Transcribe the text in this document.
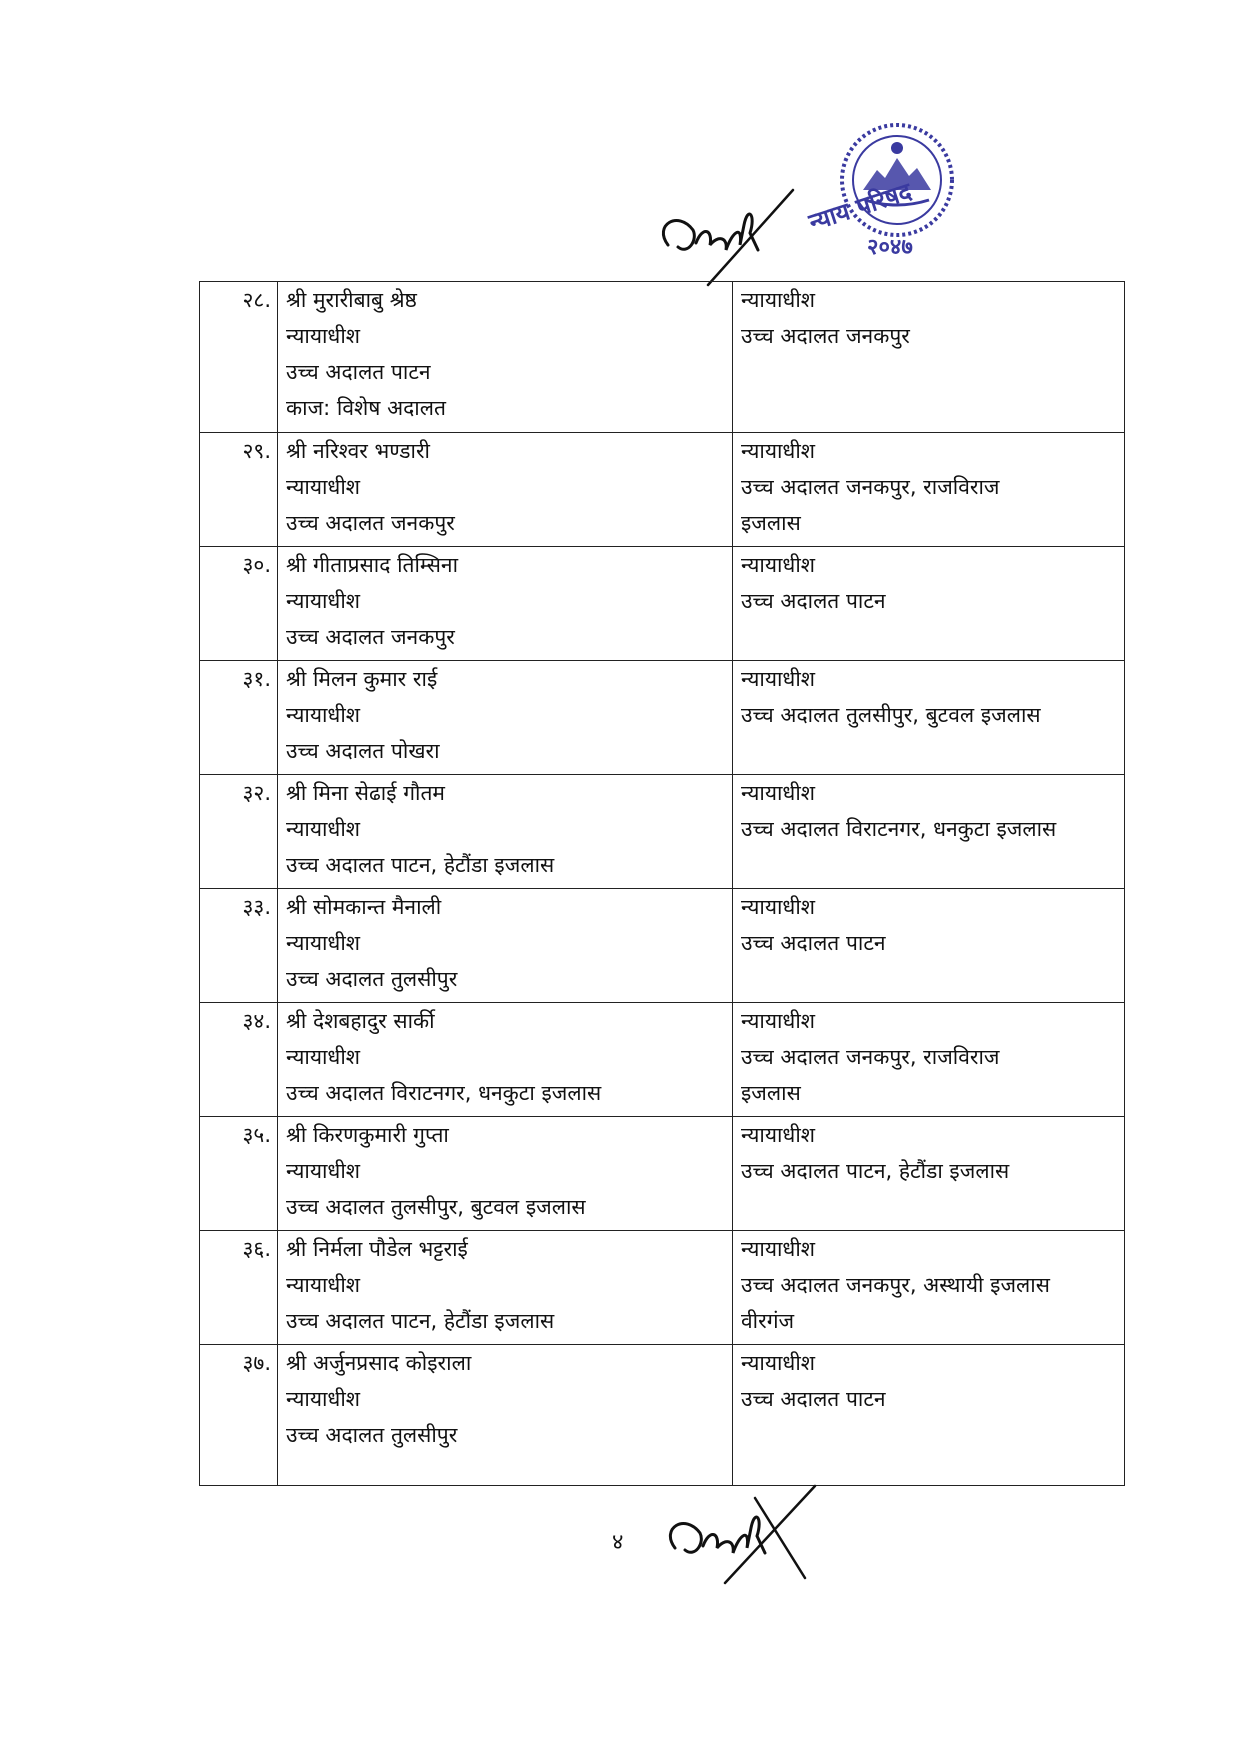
न्याय परिषद
२०४७
२८.	श्री मुरारीबाबु श्रेष्ठ
न्यायाधीश
उच्च अदालत पाटन
काज: विशेष अदालत	न्यायाधीश
उच्च अदालत जनकपुर

२९.	श्री नरिश्वर भण्डारी
न्यायाधीश
उच्च अदालत जनकपुर	न्यायाधीश
उच्च अदालत जनकपुर, राजविराज
इजलास

३०.	श्री गीताप्रसाद तिम्सिना
न्यायाधीश
उच्च अदालत जनकपुर	न्यायाधीश
उच्च अदालत पाटन

३१.	श्री मिलन कुमार राई
न्यायाधीश
उच्च अदालत पोखरा	न्यायाधीश
उच्च अदालत तुलसीपुर, बुटवल इजलास

३२.	श्री मिना सेढाई गौतम
न्यायाधीश
उच्च अदालत पाटन, हेटौंडा इजलास	न्यायाधीश
उच्च अदालत विराटनगर, धनकुटा इजलास

३३.	श्री सोमकान्त मैनाली
न्यायाधीश
उच्च अदालत तुलसीपुर	न्यायाधीश
उच्च अदालत पाटन

३४.	श्री देशबहादुर सार्की
न्यायाधीश
उच्च अदालत विराटनगर, धनकुटा इजलास	न्यायाधीश
उच्च अदालत जनकपुर, राजविराज
इजलास

३५.	श्री किरणकुमारी गुप्ता
न्यायाधीश
उच्च अदालत तुलसीपुर, बुटवल इजलास	न्यायाधीश
उच्च अदालत पाटन, हेटौंडा इजलास

३६.	श्री निर्मला पौडेल भट्टराई
न्यायाधीश
उच्च अदालत पाटन, हेटौंडा इजलास	न्यायाधीश
उच्च अदालत जनकपुर, अस्थायी इजलास
वीरगंज

३७.	श्री अर्जुनप्रसाद कोइराला
न्यायाधीश
उच्च अदालत तुलसीपुर	न्यायाधीश
उच्च अदालत पाटन
४
